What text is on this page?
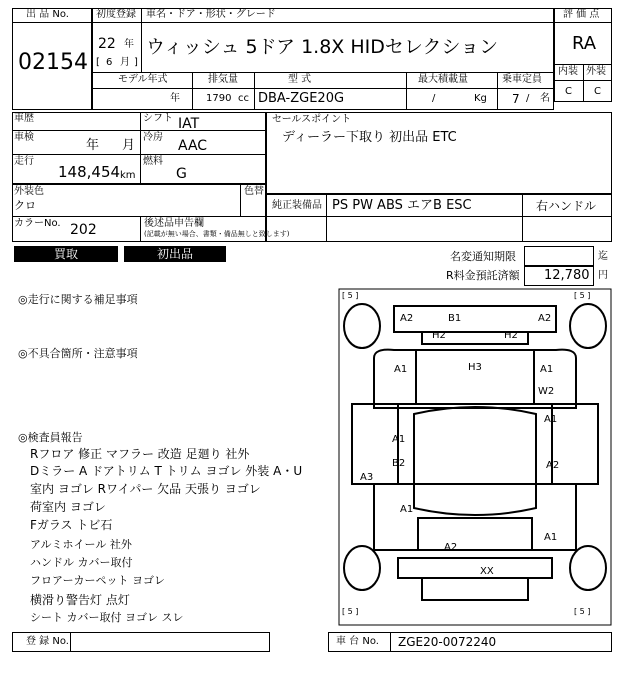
出 品 No.
02154
初度登録
22 年
[ 6 月 ]
車名・ドア・形状・グレード
ウィッシュ 5ドア 1.8X HIDセレクション
モデル年式
年
排気量
1790 cc
型 式
DBA-ZGE20G
最大積載量
/	Kg
乗車定員
7 / 名
評 価 点
RA
内装 外装
C C
車歴	シフト IAT
車検
年 月
冷房
AAC
走行
148,454 km
燃料
G
セールスポイント
ディーラー下取り 初出品 ETC
外装色
クロ
色替
カラーNo. 202	後述品申告欄
(記載が無い場合、書類・備品無しと致します)
純正装備品 PS PW ABS エアB ESC	右ハンドル
買取	初出品	名変通知期限	迄
R料金預託済額 12,780 円
◎走行に関する補足事項
◎不具合箇所・注意事項
◎検査員報告
Rフロア 修正 マフラー 改造 足廻り 社外
Dミラー A ドアトリム T トリム ヨゴレ 外装 A・U
室内 ヨゴレ Rワイパー 欠品 天張り ヨゴレ
荷室内 ヨゴレ
Fガラス トビ石
アルミホイール 社外
ハンドル カバー取付
フロアーカーペット ヨゴレ
横滑り警告灯 点灯
シート カバー取付 ヨゴレ スレ
[ 5 ]	[ 5 ]
[ 5 ]	[ 5 ]
A2	B1	A2
H2	H2
H3
A1	A1
W2
A1
A1
B2	A2
A3
A1
A1
A2
XX
登 録 No.	車 台 No. ZGE20-0072240
